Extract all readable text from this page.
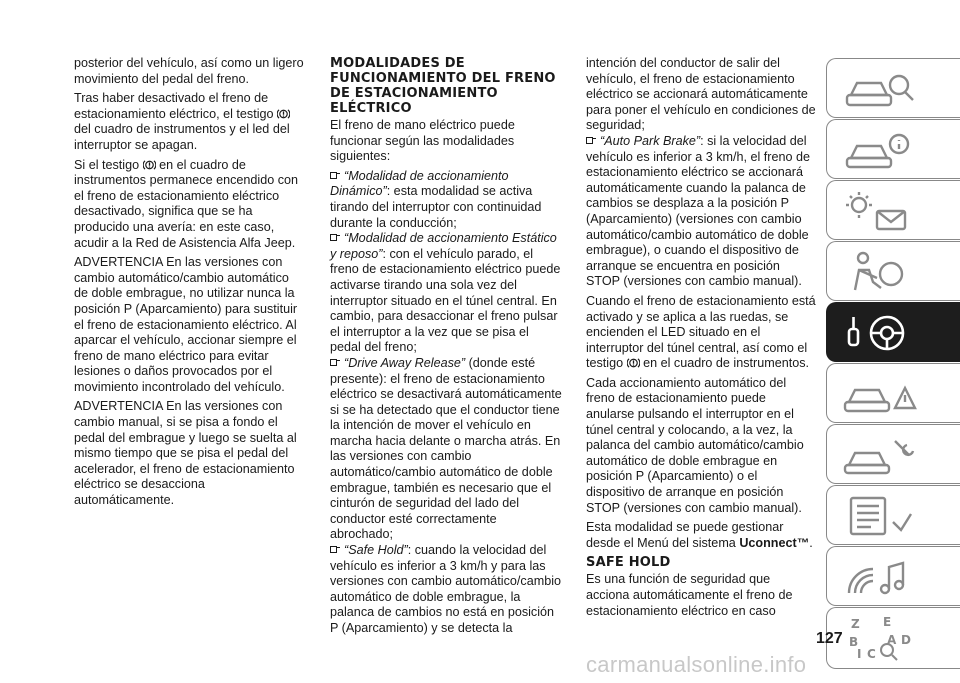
posterior del vehículo, así como un ligero movimiento del pedal del freno.

Tras haber desactivado el freno de estacionamiento eléctrico, el testigo  del cuadro de instrumentos y el led del interruptor se apagan.

Si el testigo en el cuadro de instrumentos permanece encendido con el freno de estacionamiento eléctrico desactivado, significa que se ha producido una avería: en este caso, acudir a la Red de Asistencia Alfa Jeep.

ADVERTENCIA En las versiones con cambio automático/cambio automático de doble embrague, no utilizar nunca la posición P (Aparcamiento) para sustituir el freno de estacionamiento eléctrico. Al aparcar el vehículo, accionar siempre el freno de mano eléctrico para evitar lesiones o daños provocados por el movimiento incontrolado del vehículo.

ADVERTENCIA En las versiones con cambio manual, si se pisa a fondo el pedal del embrague y luego se suelta al mismo tiempo que se pisa el pedal del acelerador, el freno de estacionamiento eléctrico se desacciona automáticamente.

MODALIDADES DE FUNCIONAMIENTO DEL FRENO DE ESTACIONAMIENTO ELÉCTRICO

El freno de mano eléctrico puede funcionar según las modalidades siguientes:

“Modalidad de accionamiento Dinámico”: esta modalidad se activa tirando del interruptor con continuidad durante la conducción;

“Modalidad de accionamiento Estático y reposo”: con el vehículo parado, el freno de estacionamiento eléctrico puede activarse tirando una sola vez del interruptor situado en el túnel central. En cambio, para desaccionar el freno pulsar el interruptor a la vez que se pisa el pedal del freno;

“Drive Away Release” (donde esté presente): el freno de estacionamiento eléctrico se desactivará automáticamente si se ha detectado que el conductor tiene la intención de mover el vehículo en marcha hacia delante o marcha atrás. En las versiones con cambio automático/cambio automático de doble embrague, también es necesario que el cinturón de seguridad del lado del conductor esté correctamente abrochado;

“Safe Hold”: cuando la velocidad del vehículo es inferior a 3 km/h y para las versiones con cambio automático/cambio automático de doble embrague, la palanca de cambios no está en posición P (Aparcamiento) y se detecta la

intención del conductor de salir del vehículo, el freno de estacionamiento eléctrico se accionará automáticamente para poner el vehículo en condiciones de seguridad;

“Auto Park Brake”: si la velocidad del vehículo es inferior a 3 km/h, el freno de estacionamiento eléctrico se accionará automáticamente cuando la palanca de cambios se desplaza a la posición P (Aparcamiento) (versiones con cambio automático/cambio automático de doble embrague), o cuando el dispositivo de arranque se encuentra en posición STOP (versiones con cambio manual).

Cuando el freno de estacionamiento está activado y se aplica a las ruedas, se encienden el LED situado en el interruptor del túnel central, así como el testigo en el cuadro de instrumentos.

Cada accionamiento automático del freno de estacionamiento puede anularse pulsando el interruptor en el túnel central y colocando, a la vez, la palanca del cambio automático/cambio automático de doble embrague en posición P (Aparcamiento) o el dispositivo de arranque en posición STOP (versiones con cambio manual).

Esta modalidad se puede gestionar desde el Menú del sistema Uconnect™.

SAFE HOLD

Es una función de seguridad que acciona automáticamente el freno de estacionamiento eléctrico en caso

Z E
B
C
D
A
I
127
carmanualsonline.info
